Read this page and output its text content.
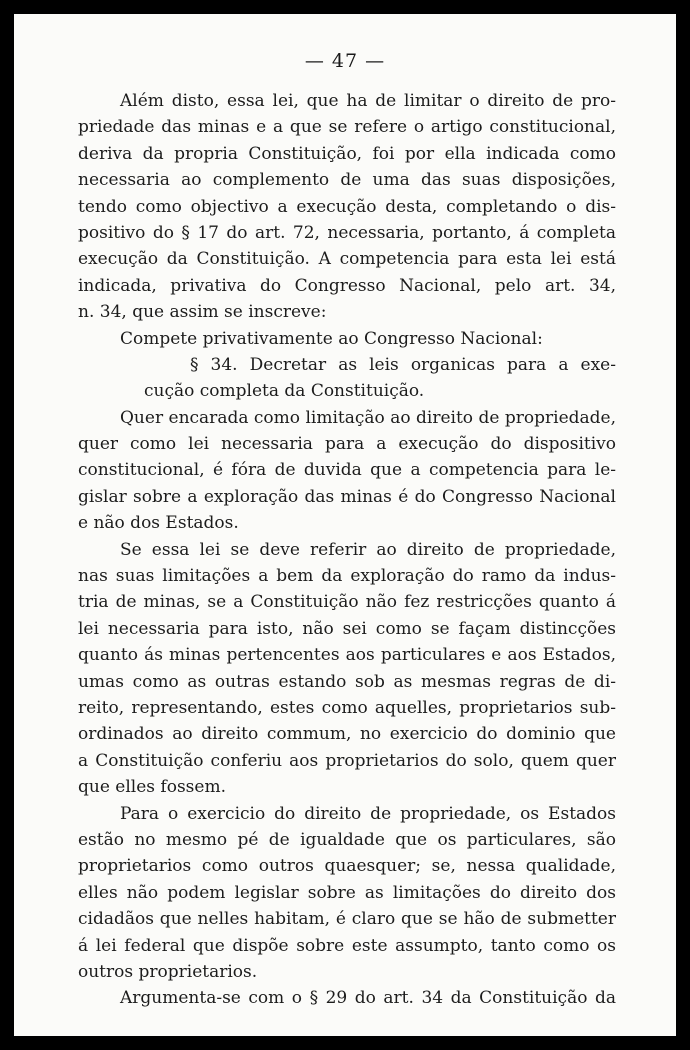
— 47 —
Além disto, essa lei, que ha de limitar o direito de pro-
priedade das minas e a que se refere o artigo constitucional,
deriva da propria Constituição, foi por ella indicada como
necessaria ao complemento de uma das suas disposições,
tendo como objectivo a execução desta, completando o dis-
positivo do § 17 do art. 72, necessaria, portanto, á completa
execução da Constituição. A competencia para esta lei está
indicada, privativa do Congresso Nacional, pelo art. 34,
n. 34, que assim se inscreve:
Compete privativamente ao Congresso Nacional:
§ 34. Decretar as leis organicas para a exe-
cução completa da Constituição.
Quer encarada como limitação ao direito de propriedade,
quer como lei necessaria para a execução do dispositivo
constitucional, é fóra de duvida que a competencia para le-
gislar sobre a exploração das minas é do Congresso Nacional
e não dos Estados.
Se essa lei se deve referir ao direito de propriedade,
nas suas limitações a bem da exploração do ramo da indus-
tria de minas, se a Constituição não fez restricções quanto á
lei necessaria para isto, não sei como se façam distincções
quanto ás minas pertencentes aos particulares e aos Estados,
umas como as outras estando sob as mesmas regras de di-
reito, representando, estes como aquelles, proprietarios sub-
ordinados ao direito commum, no exercicio do dominio que
a Constituição conferiu aos proprietarios do solo, quem quer
que elles fossem.
Para o exercicio do direito de propriedade, os Estados
estão no mesmo pé de igualdade que os particulares, são
proprietarios como outros quaesquer; se, nessa qualidade,
elles não podem legislar sobre as limitações do direito dos
cidadãos que nelles habitam, é claro que se hão de submetter
á lei federal que dispõe sobre este assumpto, tanto como os
outros proprietarios.
Argumenta-se com o § 29 do art. 34 da Constituição da
